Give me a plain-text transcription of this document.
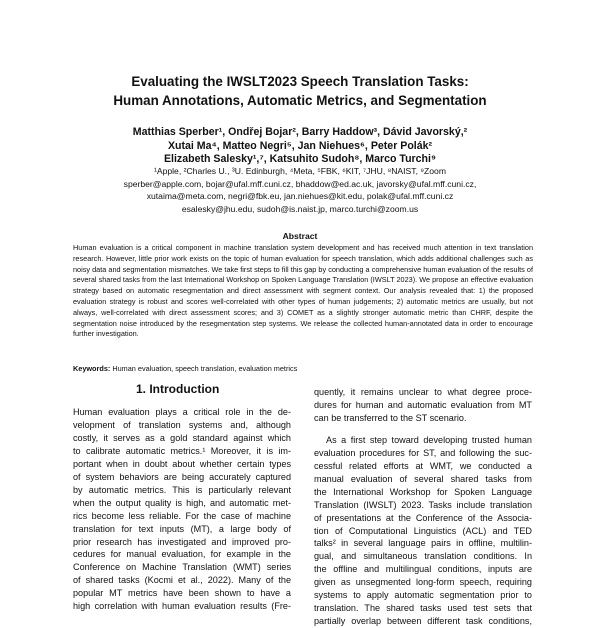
Evaluating the IWSLT2023 Speech Translation Tasks:
Human Annotations, Automatic Metrics, and Segmentation
Matthias Sperber¹, Ondřej Bojar², Barry Haddow³, Dávid Javorský,²
Xutai Ma⁴, Matteo Negri⁵, Jan Niehues⁶, Peter Polák²
Elizabeth Salesky¹,⁷, Katsuhito Sudoh⁸, Marco Turchi⁹
¹Apple, ²Charles U., ³U. Edinburgh, ⁴Meta, ⁵FBK, ⁶KIT, ⁷JHU, ⁸NAIST, ⁹Zoom
sperber@apple.com, bojar@ufal.mff.cuni.cz, bhaddow@ed.ac.uk, javorsky@ufal.mff.cuni.cz,
xutaima@meta.com, negri@fbk.eu, jan.niehues@kit.edu, polak@ufal.mff.cuni.cz
esalesky@jhu.edu, sudoh@is.naist.jp, marco.turchi@zoom.us
Abstract
Human evaluation is a critical component in machine translation system development and has received much attention in text translation research. However, little prior work exists on the topic of human evaluation for speech translation, which adds additional challenges such as noisy data and segmentation mismatches. We take first steps to fill this gap by conducting a comprehensive human evaluation of the results of several shared tasks from the last International Workshop on Spoken Language Translation (IWSLT 2023). We propose an effective evaluation strategy based on automatic resegmentation and direct assessment with segment context. Our analysis revealed that: 1) the proposed evaluation strategy is robust and scores well-correlated with other types of human judgements; 2) automatic metrics are usually, but not always, well-correlated with direct assessment scores; and 3) COMET as a slightly stronger automatic metric than CHRF, despite the segmentation noise introduced by the resegmentation step systems. We release the collected human-annotated data in order to encourage further investigation.
Keywords: Human evaluation, speech translation, evaluation metrics
1. Introduction
Human evaluation plays a critical role in the de-
velopment of translation systems and, although
costly, it serves as a gold standard against which
to calibrate automatic metrics.¹ Moreover, it is im-
portant when in doubt about whether certain types
of system behaviors are being accurately captured
by automatic metrics. This is particularly relevant
when the output quality is high, and automatic met-
rics become less reliable. For the case of machine
translation for text inputs (MT), a large body of
prior research has investigated and improved pro-
cedures for manual evaluation, for example in the
Conference on Machine Translation (WMT) series
of shared tasks (Kocmi et al., 2022). Many of the
popular MT metrics have been shown to have a
high correlation with human evaluation results (Fre-
quently, it remains unclear to what degree proce-
dures for human and automatic evaluation from MT
can be transferred to the ST scenario.
As a first step toward developing trusted human
evaluation procedures for ST, and following the suc-
cessful related efforts at WMT, we conducted a
manual evaluation of several shared tasks from
the International Workshop for Spoken Language
Translation (IWSLT) 2023. Tasks include translation
of presentations at the Conference of the Associa-
tion of Computational Linguistics (ACL) and TED
talks² in several language pairs in offline, multilin-
gual, and simultaneous translation conditions. In
the offline and multilingual conditions, inputs are
given as unsegmented long-form speech, requiring
systems to apply automatic segmentation prior to
translation. The shared tasks used test sets that
partially overlap between different task conditions,
